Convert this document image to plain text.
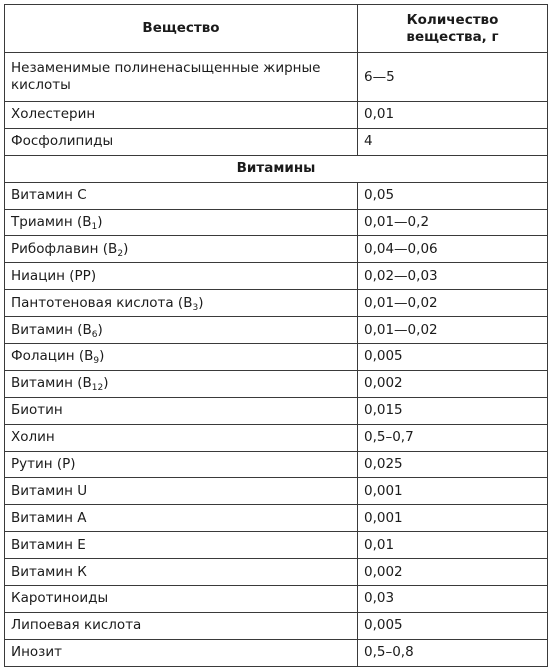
Вещество	Количество
вещества, г
Незаменимые полиненасыщенные жирные кислоты	6—5
Холестерин	0,01
Фосфолипиды	4
Витамины	
Витамин С	0,05
Триамин $(В_1)$	0,01—0,2
Рибофлавин $(В_2)$	0,04—0,06
Ниацин (РР)	0,02—0,03
Пантотеновая кислота $(В_3)$	0,01—0,02
Витамин $(В_6)$	0,01—0,02
Фолацин $(В_9)$	0,005
Витамин $(В_{12})$	0,002
Биотин	0,015
Холин	0,5–0,7
Рутин (Р)	0,025
Витамин U	0,001
Витамин А	0,001
Витамин Е	0,01
Витамин К	0,002
Каротиноиды	0,03
Липоевая кислота	0,005
Инозит	0,5–0,8
